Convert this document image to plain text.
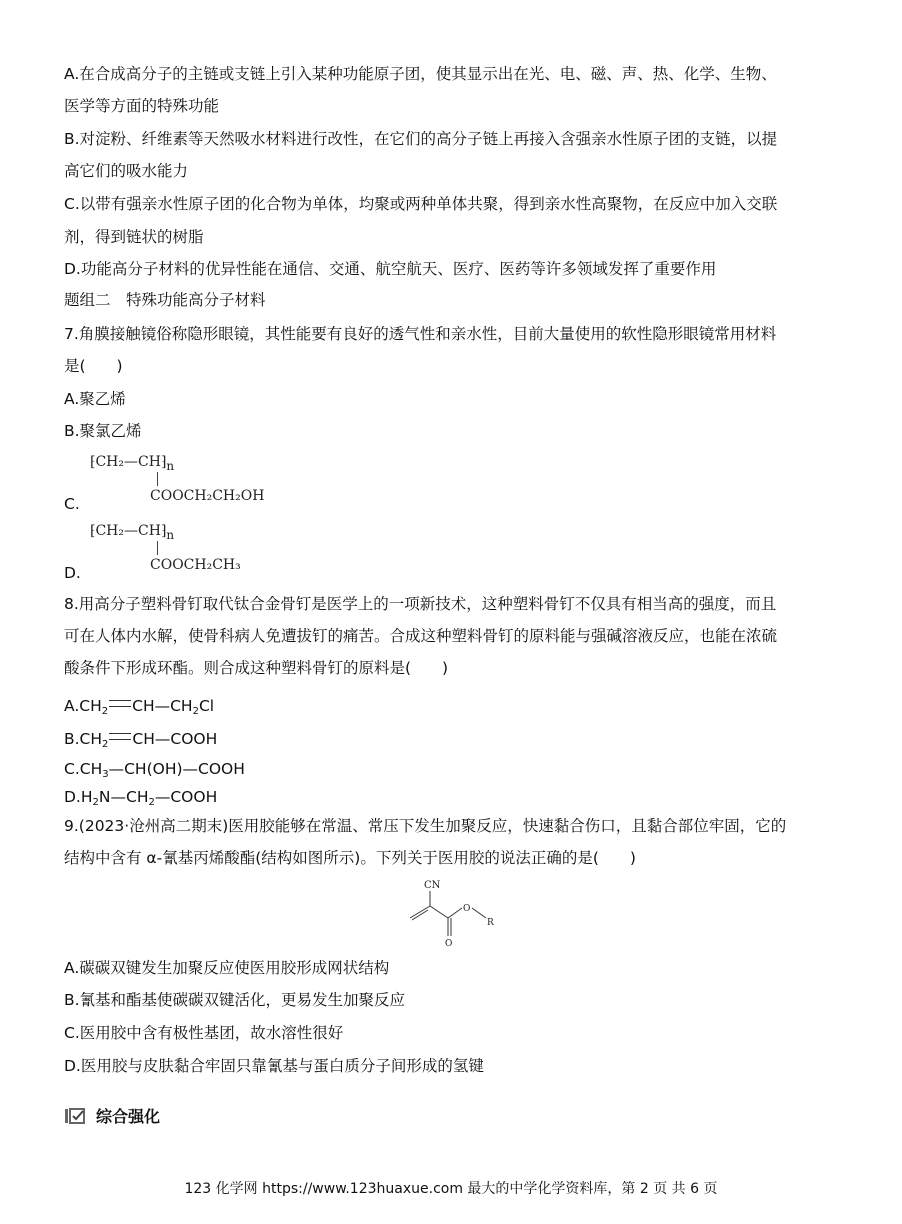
A.在合成高分子的主链或支链上引入某种功能原子团，使其显示出在光、电、磁、声、热、化学、生物、
医学等方面的特殊功能
B.对淀粉、纤维素等天然吸水材料进行改性，在它们的高分子链上再接入含强亲水性原子团的支链，以提
高它们的吸水能力
C.以带有强亲水性原子团的化合物为单体，均聚或两种单体共聚，得到亲水性高聚物，在反应中加入交联
剂，得到链状的树脂
D.功能高分子材料的优异性能在通信、交通、航空航天、医疗、医药等许多领域发挥了重要作用
题组二　特殊功能高分子材料
7.角膜接触镜俗称隐形眼镜，其性能要有良好的透气性和亲水性，目前大量使用的软性隐形眼镜常用材料
是(　　)
A.聚乙烯
B.聚氯乙烯
⁅CH₂—CH⁆n
COOCH₂CH₂OH
C.
⁅CH₂—CH⁆n
COOCH₂CH₃
D.
8.用高分子塑料骨钉取代钛合金骨钉是医学上的一项新技术，这种塑料骨钉不仅具有相当高的强度，而且
可在人体内水解，使骨科病人免遭拔钉的痛苦。合成这种塑料骨钉的原料能与强碱溶液反应，也能在浓硫
酸条件下形成环酯。则合成这种塑料骨钉的原料是(　　)
$A.CH_2$ $CH—CH_2Cl$
$B.CH_2$ CH—COOH
$C.CH_3—CH(OH)—COOH$
$D.H_2N—CH_2—COOH$
9.(2023·沧州高二期末)医用胶能够在常温、常压下发生加聚反应，快速黏合伤口，且黏合部位牢固，它的
结构中含有 α-氰基丙烯酸酯(结构如图所示)。下列关于医用胶的说法正确的是(　　)
CN
O
O
R
A.碳碳双键发生加聚反应使医用胶形成网状结构
B.氰基和酯基使碳碳双键活化，更易发生加聚反应
C.医用胶中含有极性基团，故水溶性很好
D.医用胶与皮肤黏合牢固只靠氰基与蛋白质分子间形成的氢键
综合强化
123 化学网 https://www.123huaxue.com 最大的中学化学资料库，第 2 页 共 6 页
